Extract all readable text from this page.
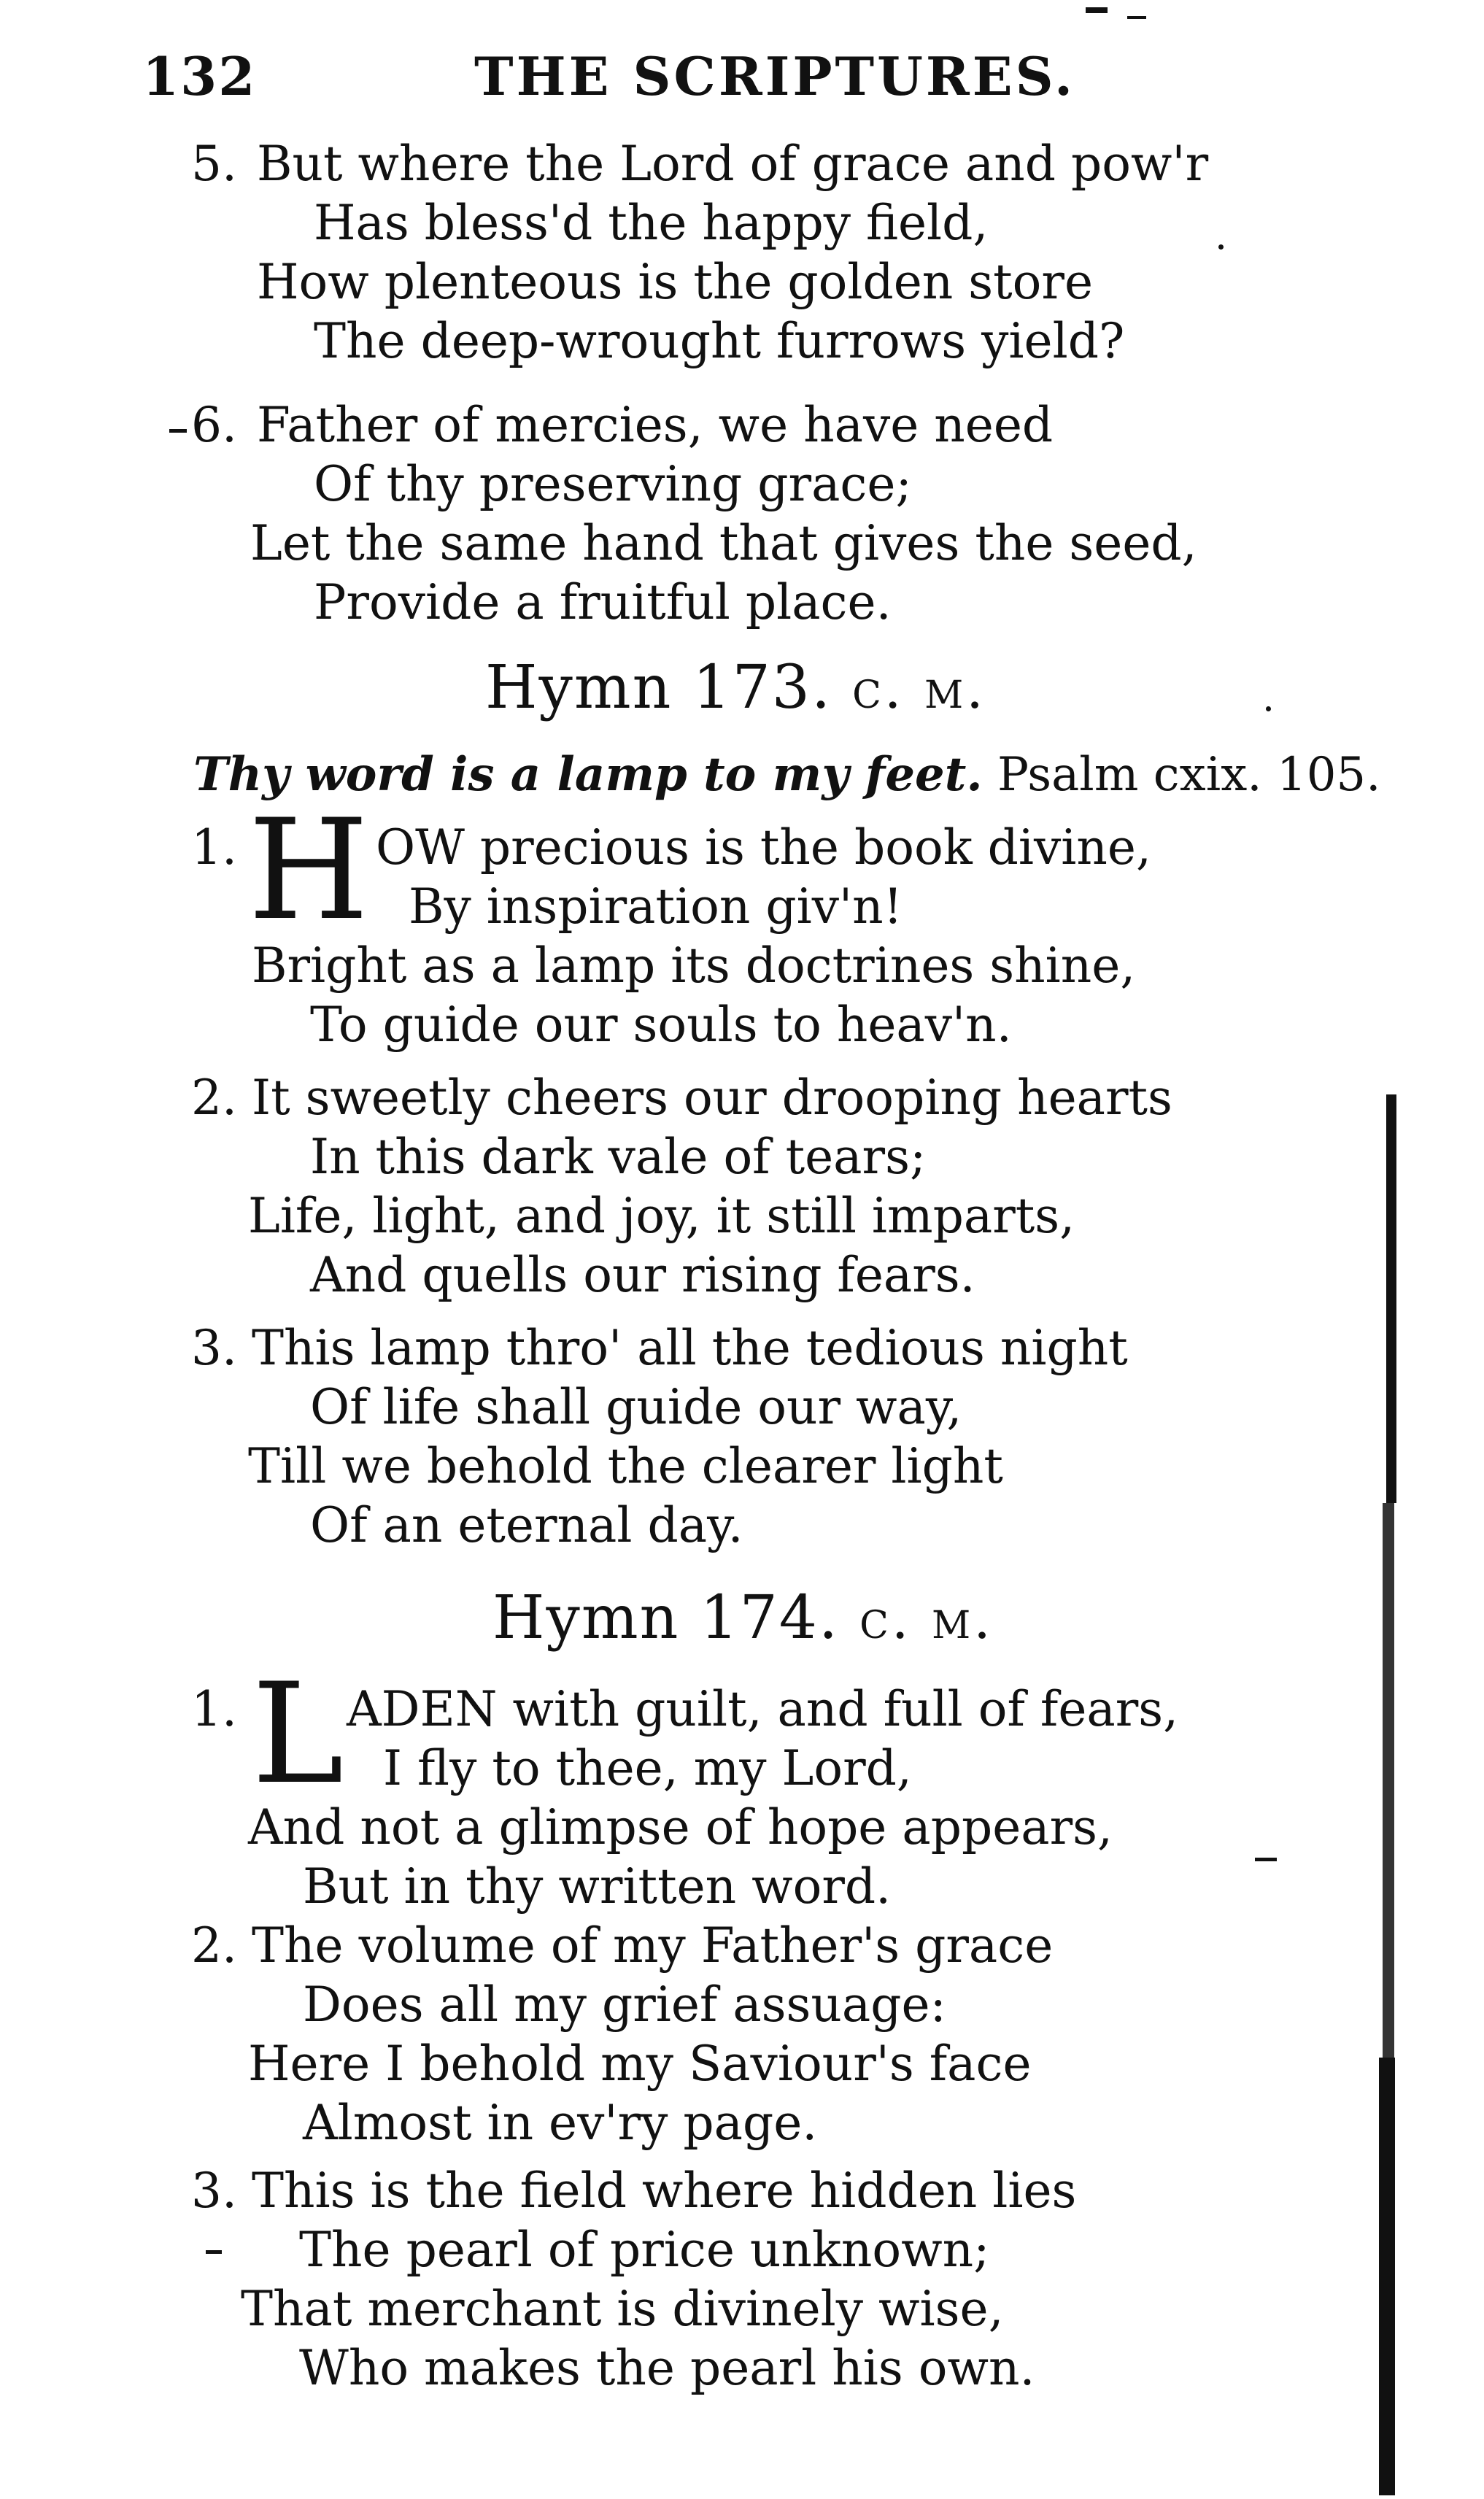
132	THE SCRIPTURES.
5. But where the Lord of grace and pow'r
Has bless'd the happy field,
How plenteous is the golden store
The deep-wrought furrows yield?
6. Father of mercies, we have need
Of thy preserving grace;
Let the same hand that gives the seed,
Provide a fruitful place.
Hymn 173. c. m.
Thy word is a lamp to my feet. Psalm cxix. 105.
1. H OW precious is the book divine,
By inspiration giv'n!
Bright as a lamp its doctrines shine,
To guide our souls to heav'n.
2. It sweetly cheers our drooping hearts
In this dark vale of tears;
Life, light, and joy, it still imparts,
And quells our rising fears.
3. This lamp thro' all the tedious night
Of life shall guide our way,
Till we behold the clearer light
Of an eternal day.
Hymn 174. c. m.
1. L ADEN with guilt, and full of fears,
I fly to thee, my Lord,
And not a glimpse of hope appears,
But in thy written word.
2. The volume of my Father's grace
Does all my grief assuage:
Here I behold my Saviour's face
Almost in ev'ry page.
3. This is the field where hidden lies
The pearl of price unknown;
That merchant is divinely wise,
Who makes the pearl his own.
